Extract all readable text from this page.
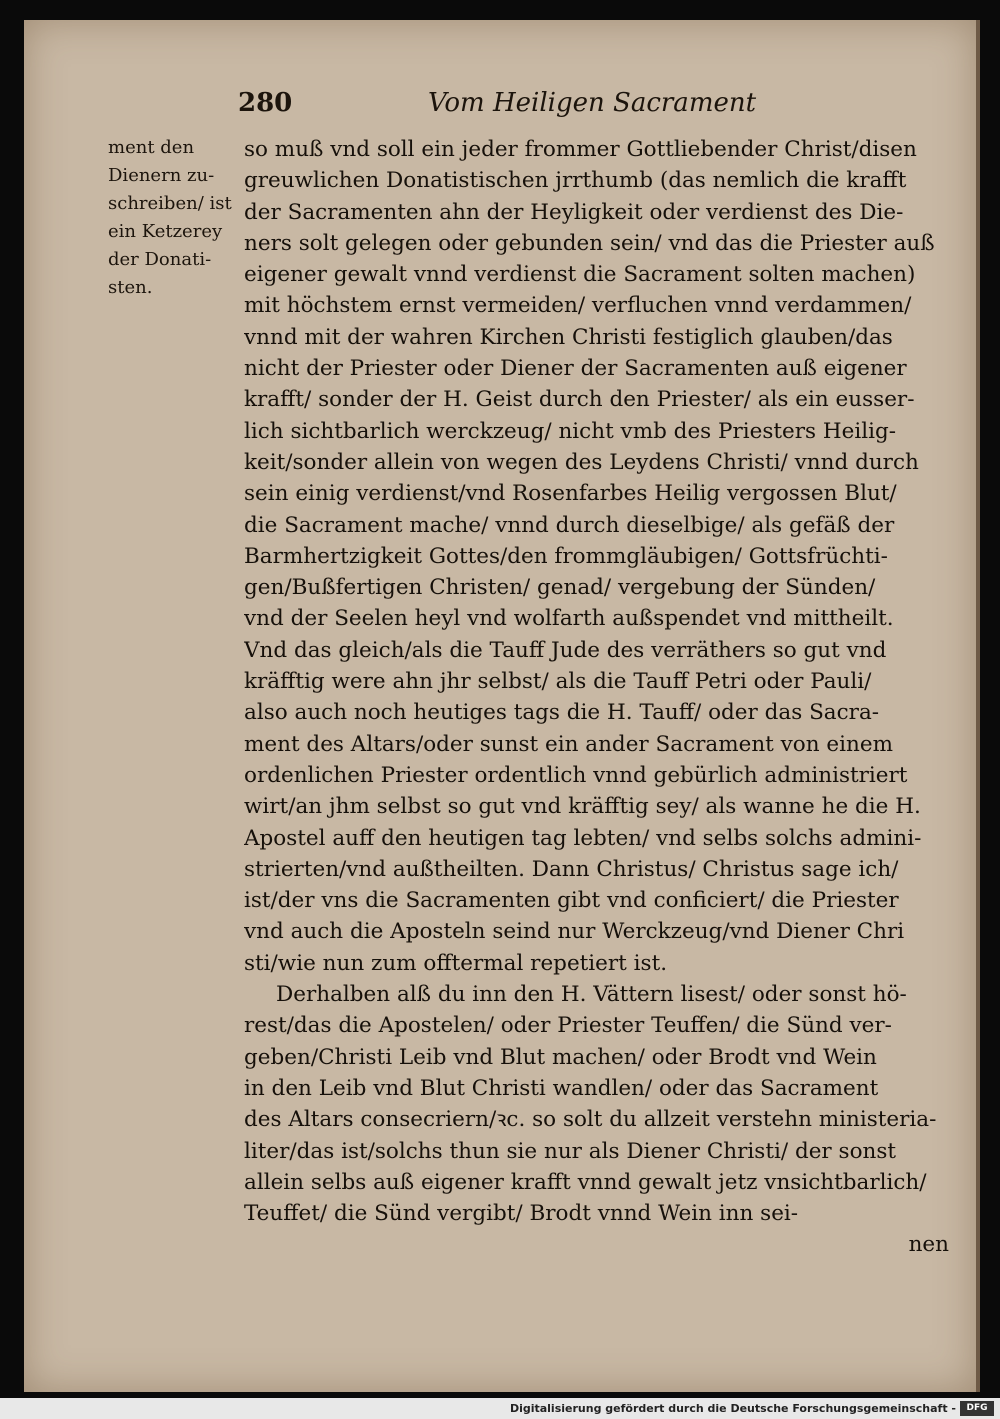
280	Vom Heiligen Sacrament
ment den
Dienern zu-
schreiben/ ist
ein Ketzerey
der Donati-
sten.
so muß vnd soll ein jeder frommer Gottliebender Christ/disen
greuwlichen Donatistischen jrrthumb (das nemlich die krafft
der Sacramenten ahn der Heyligkeit oder verdienst des Die-
ners solt gelegen oder gebunden sein/ vnd das die Priester auß
eigener gewalt vnnd verdienst die Sacrament solten machen)
mit höchstem ernst vermeiden/ verfluchen vnnd verdammen/
vnnd mit der wahren Kirchen Christi festiglich glauben/das
nicht der Priester oder Diener der Sacramenten auß eigener
krafft/ sonder der H. Geist durch den Priester/ als ein eusser-
lich sichtbarlich werckzeug/ nicht vmb des Priesters Heilig-
keit/sonder allein von wegen des Leydens Christi/ vnnd durch
sein einig verdienst/vnd Rosenfarbes Heilig vergossen Blut/
die Sacrament mache/ vnnd durch dieselbige/ als gefäß der
Barmhertzigkeit Gottes/den frommgläubigen/ Gottsfrüchti-
gen/Bußfertigen Christen/ genad/ vergebung der Sünden/
vnd der Seelen heyl vnd wolfarth außspendet vnd mittheilt.
Vnd das gleich/als die Tauff Jude des verräthers so gut vnd
kräfftig were ahn jhr selbst/ als die Tauff Petri oder Pauli/
also auch noch heutiges tags die H. Tauff/ oder das Sacra-
ment des Altars/oder sunst ein ander Sacrament von einem
ordenlichen Priester ordentlich vnnd gebürlich administriert
wirt/an jhm selbst so gut vnd kräfftig sey/ als wanne he die H.
Apostel auff den heutigen tag lebten/ vnd selbs solchs admini-
strierten/vnd außtheilten. Dann Christus/ Christus sage ich/
ist/der vns die Sacramenten gibt vnd conficiert/ die Priester
vnd auch die Aposteln seind nur Werckzeug/vnd Diener Chri
sti/wie nun zum offtermal repetiert ist.
Derhalben alß du inn den H. Vättern lisest/ oder sonst hö-
rest/das die Apostelen/ oder Priester Teuffen/ die Sünd ver-
geben/Christi Leib vnd Blut machen/ oder Brodt vnd Wein
in den Leib vnd Blut Christi wandlen/ oder das Sacrament
des Altars consecriern/ꝛc. so solt du allzeit verstehn ministeria-
liter/das ist/solchs thun sie nur als Diener Christi/ der sonst
allein selbs auß eigener krafft vnnd gewalt jetz vnsichtbarlich/
Teuffet/ die Sünd vergibt/ Brodt vnnd Wein inn sei-
nen
Digitalisierung gefördert durch die Deutsche Forschungsgemeinschaft -	DFG
